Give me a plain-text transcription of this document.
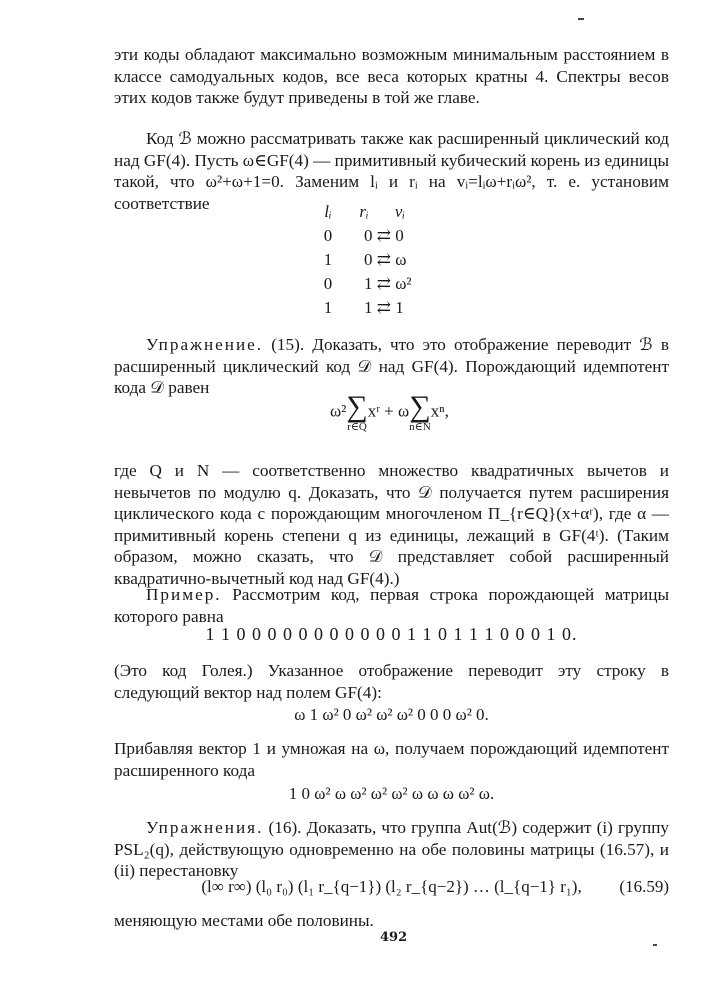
эти коды обладают максимально возможным минимальным расстоянием в классе самодуальных кодов, все веса которых кратны 4. Спектры весов этих кодов также будут приведены в той же главе.

Код ℬ можно рассматривать также как расширенный циклический код над GF(4). Пусть ω∈GF(4) — примитивный кубический корень из единицы такой, что ω²+ω+1=0. Заменим lᵢ и rᵢ на vᵢ=lᵢω+rᵢω², т. е. установим соответствие

Упражнение. (15). Доказать, что это отображение переводит ℬ в расширенный циклический код 𝒟 над GF(4). Порождающий идемпотент кода 𝒟 равен

где Q и N — соответственно множество квадратичных вычетов и невычетов по модулю q. Доказать, что 𝒟 получается путем расширения циклического кода с порождающим многочленом Π_{r∈Q}(x+αʳ), где α — примитивный корень степени q из единицы, лежащий в GF(4ᵗ). (Таким образом, можно сказать, что 𝒟 представляет собой расширенный квадратично-вычетный код над GF(4).)

Пример. Рассмотрим код, первая строка порождающей матрицы которого равна

(Это код Голея.) Указанное отображение переводит эту строку в следующий вектор над полем GF(4):

Прибавляя вектор 1 и умножая на ω, получаем порождающий идемпотент расширенного кода

Упражнения. (16). Доказать, что группа Aut(ℬ) содержит (i) группу PSL₂(q), действующую одновременно на обе половины матрицы (16.57), и (ii) перестановку

меняющую местами обе половины.

lᵢ	rᵢ	vᵢ
0	0 ⇄ 0	
1	0 ⇄ ω	
0	1 ⇄ ω²	
1	1 ⇄ 1	
ω² ∑
r∈Q
xʳ + ω ∑
n∈N
xⁿ,
1 1 0 0 0 0 0 0 0 0 0 0 0 1 1 0 1 1 1 0 0 0 1 0.
ω 1 ω² 0 ω² ω² ω² 0 0 0 ω² 0.
1 0 ω² ω ω² ω² ω² ω ω ω ω² ω.
(l∞ r∞) (l₀ r₀) (l₁ r_{q−1}) (l₂ r_{q−2}) … (l_{q−1} r₁),	(16.59)
492
